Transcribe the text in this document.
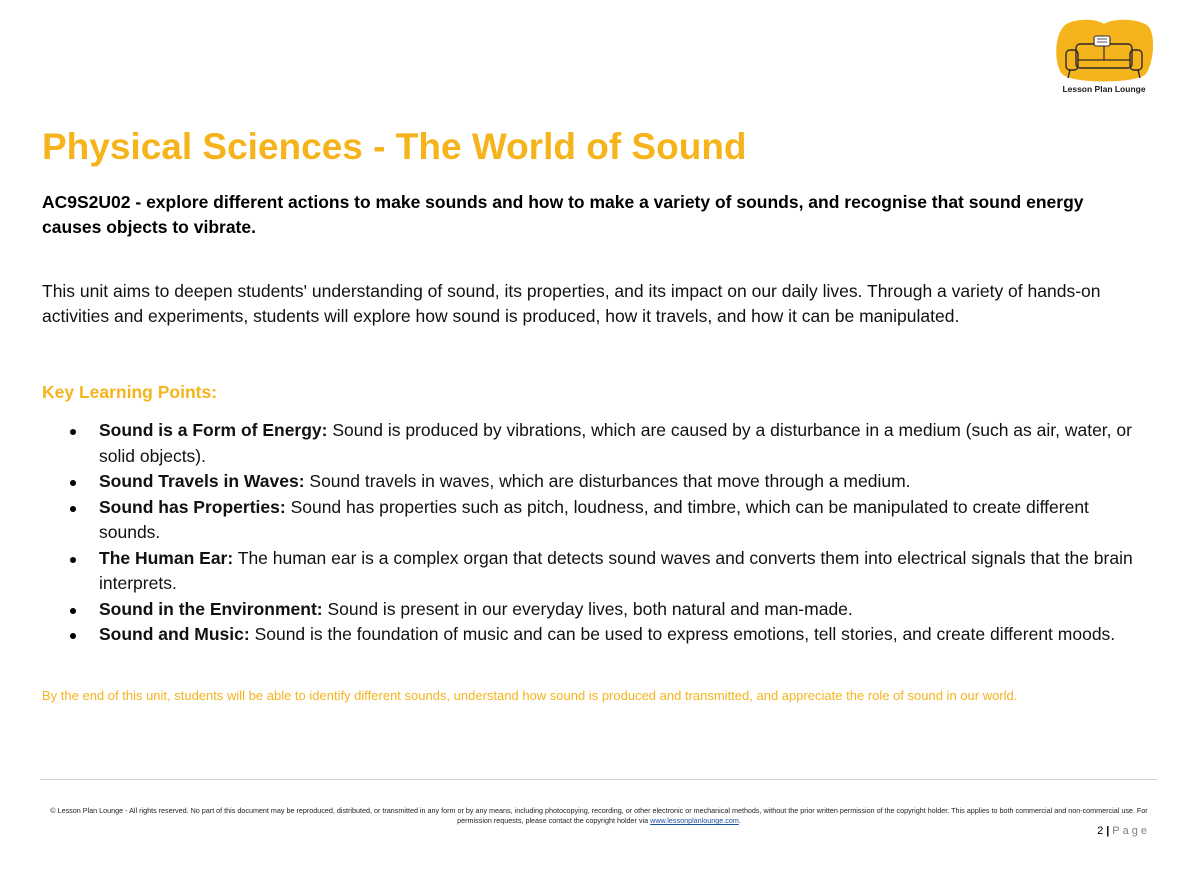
Lesson Plan Lounge
Physical Sciences - The World of Sound

AC9S2U02 - explore different actions to make sounds and how to make a variety of sounds, and recognise that sound energy causes objects to vibrate.

This unit aims to deepen students' understanding of sound, its properties, and its impact on our daily lives. Through a variety of hands-on activities and experiments, students will explore how sound is produced, how it travels, and how it can be manipulated.

Key Learning Points:
Sound is a Form of Energy: Sound is produced by vibrations, which are caused by a disturbance in a medium (such as air, water, or solid objects).
Sound Travels in Waves: Sound travels in waves, which are disturbances that move through a medium.
Sound has Properties: Sound has properties such as pitch, loudness, and timbre, which can be manipulated to create different sounds.
The Human Ear: The human ear is a complex organ that detects sound waves and converts them into electrical signals that the brain interprets.
Sound in the Environment: Sound is present in our everyday lives, both natural and man-made.
Sound and Music: Sound is the foundation of music and can be used to express emotions, tell stories, and create different moods.

By the end of this unit, students will be able to identify different sounds, understand how sound is produced and transmitted, and appreciate the role of sound in our world.

© Lesson Plan Lounge - All rights reserved. No part of this document may be reproduced, distributed, or transmitted in any form or by any means, including photocopying, recording, or other electronic or mechanical methods, without the prior written permission of the copyright holder. This applies to both commercial and non-commercial use. For permission requests, please contact the copyright holder via www.lessonplanlounge.com.

2 | Page
